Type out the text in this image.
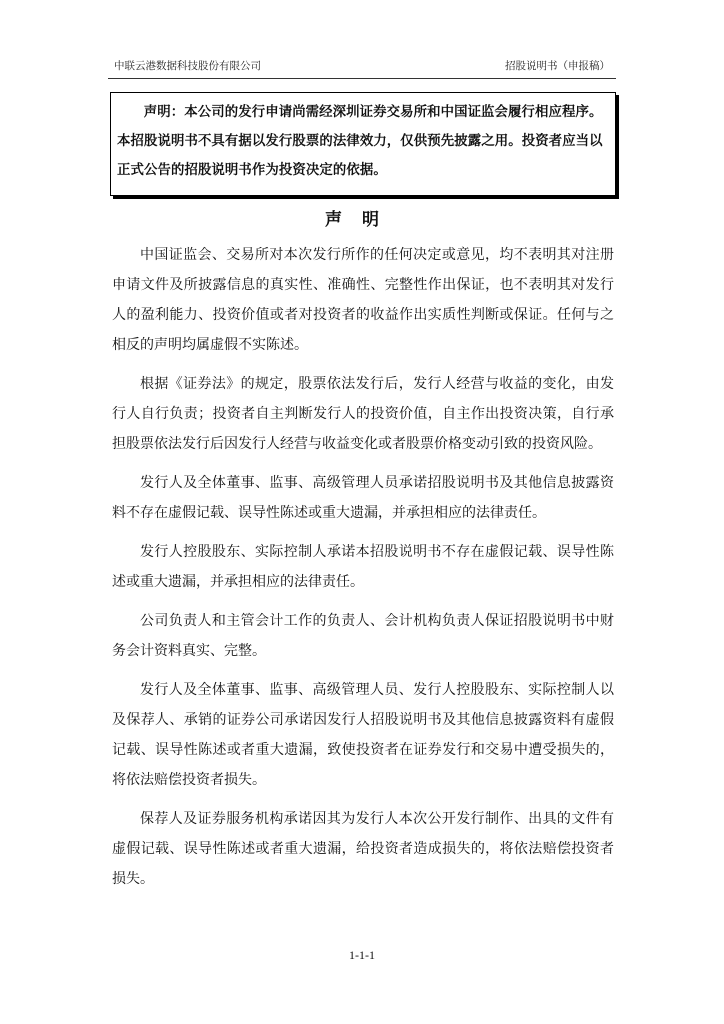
中联云港数据科技股份有限公司	招股说明书（申报稿）

声明：本公司的发行申请尚需经深圳证券交易所和中国证监会履行相应程序。本招股说明书不具有据以发行股票的法律效力，仅供预先披露之用。投资者应当以正式公告的招股说明书作为投资决定的依据。

声明

中国证监会、交易所对本次发行所作的任何决定或意见，均不表明其对注册申请文件及所披露信息的真实性、准确性、完整性作出保证，也不表明其对发行人的盈利能力、投资价值或者对投资者的收益作出实质性判断或保证。任何与之相反的声明均属虚假不实陈述。

根据《证券法》的规定，股票依法发行后，发行人经营与收益的变化，由发行人自行负责；投资者自主判断发行人的投资价值，自主作出投资决策，自行承担股票依法发行后因发行人经营与收益变化或者股票价格变动引致的投资风险。

发行人及全体董事、监事、高级管理人员承诺招股说明书及其他信息披露资料不存在虚假记载、误导性陈述或重大遗漏，并承担相应的法律责任。

发行人控股股东、实际控制人承诺本招股说明书不存在虚假记载、误导性陈述或重大遗漏，并承担相应的法律责任。

公司负责人和主管会计工作的负责人、会计机构负责人保证招股说明书中财务会计资料真实、完整。

发行人及全体董事、监事、高级管理人员、发行人控股股东、实际控制人以及保荐人、承销的证券公司承诺因发行人招股说明书及其他信息披露资料有虚假记载、误导性陈述或者重大遗漏，致使投资者在证券发行和交易中遭受损失的，将依法赔偿投资者损失。

保荐人及证券服务机构承诺因其为发行人本次公开发行制作、出具的文件有虚假记载、误导性陈述或者重大遗漏，给投资者造成损失的，将依法赔偿投资者损失。

1-1-1
